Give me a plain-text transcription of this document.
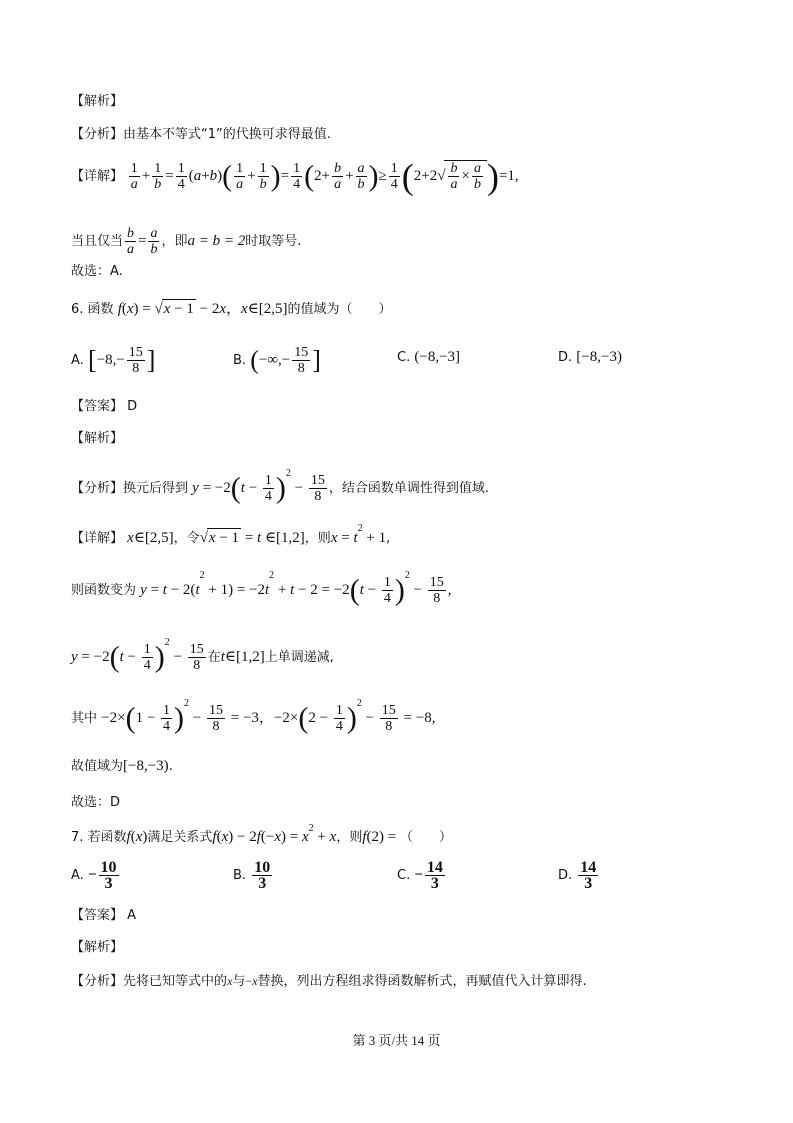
【解析】
【分析】由基本不等式“1”的代换可求得最值.
【详解】 $\frac{1}{a} + \frac{1}{b} = \frac{1}{4} (a+b)( \frac{1}{a} + \frac{1}{b}$ )= $\frac{1}{4} (2+ \frac{b}{a} + \frac{a}{b}$ )≥ $\frac{1}{4} (2+2√ \frac{b}{a} \times \frac{a}{b} )=1$,
当且仅当 $\frac{b}{a} = \frac{a}{b}$ ，即a = b = 2时取等号.
故选：A.
6. 函数 f(x) = √x − 1 − 2x，x∈[2,5]的值域为（　　）
A. [$-8,- \frac{15}{8}$ ]	B. (−∞,− $\frac{15}{8}$ ]	C. (−8,−3]	D. [−8,−3)
【答案】 D
【解析】
【分析】换元后得到 $y = -2(t - \frac{1}{4} )^2 - \frac{15}{8}$ ，结合函数单调性得到值域.
【详解】 x∈[2,5]，令√x − 1 = t ∈[1,2]，则$x = t^2 + 1$,
则函数变为 $y = t - 2(t^2 + 1) = -2t^2 + t - 2 = -2(t - \frac{1}{4} )^2 - \frac{15}{8}$ ,
$y = -2(t - \frac{1}{4} )^2 - \frac{15}{8}$ 在t∈[1,2]上单调递减,
其中 $-2\times(1 - \frac{1}{4} )^2 - \frac{15}{8} = -3$，$-2\times(2 - \frac{1}{4} )^2 - \frac{15}{8} = -8$,
故值域为[−8,−3).
故选：D
7. 若函数f(x)满足关系式$f(x) - 2f(-x) = x^2 + x$，则f(2) = （　　）
A. − $\frac{10}{3}$	B. $\frac{10}{3}$	C. − $\frac{14}{3}$	D. $\frac{14}{3}$
【答案】 A
【解析】
【分析】先将已知等式中的x与−x替换，列出方程组求得函数解析式，再赋值代入计算即得.
第 3 页/共 14 页
